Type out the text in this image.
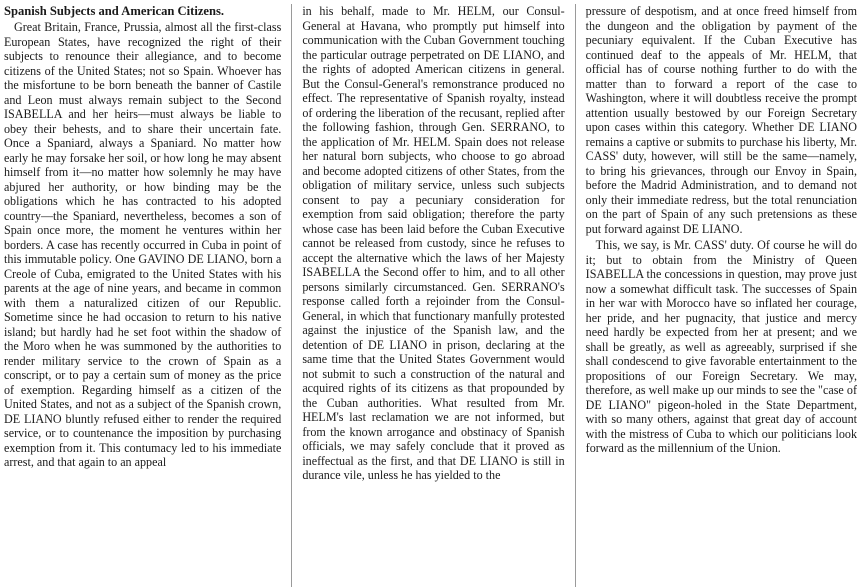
Spanish Subjects and American Citizens.

Great Britain, France, Prussia, almost all the first-class European States, have recognized the right of their subjects to renounce their allegiance, and to become citizens of the United States; not so Spain. Whoever has the misfortune to be born beneath the banner of Castile and Leon must always remain subject to the Second ISABELLA and her heirs—must always be liable to obey their behests, and to share their uncertain fate. Once a Spaniard, always a Spaniard. No matter how early he may forsake her soil, or how long he may absent himself from it—no matter how solemnly he may have abjured her authority, or how binding may be the obligations which he has contracted to his adopted country—the Spaniard, nevertheless, becomes a son of Spain once more, the moment he ventures within her borders. A case has recently occurred in Cuba in point of this immutable policy. One GAVINO DE LIANO, born a Creole of Cuba, emigrated to the United States with his parents at the age of nine years, and became in common with them a naturalized citizen of our Republic. Sometime since he had occasion to return to his native island; but hardly had he set foot within the shadow of the Moro when he was summoned by the authorities to render military service to the crown of Spain as a conscript, or to pay a certain sum of money as the price of exemption. Regarding himself as a citizen of the United States, and not as a subject of the Spanish crown, DE LIANO bluntly refused either to render the required service, or to countenance the imposition by purchasing exemption from it. This contumacy led to his immediate arrest, and that again to an appeal

in his behalf, made to Mr. HELM, our Consul-General at Havana, who promptly put himself into communication with the Cuban Government touching the particular outrage perpetrated on DE LIANO, and the rights of adopted American citizens in general. But the Consul-General's remonstrance produced no effect. The representative of Spanish royalty, instead of ordering the liberation of the recusant, replied after the following fashion, through Gen. SERRANO, to the application of Mr. HELM. Spain does not release her natural born subjects, who choose to go abroad and become adopted citizens of other States, from the obligation of military service, unless such subjects consent to pay a pecuniary consideration for exemption from said obligation; therefore the party whose case has been laid before the Cuban Executive cannot be released from custody, since he refuses to accept the alternative which the laws of her Majesty ISABELLA the Second offer to him, and to all other persons similarly circumstanced. Gen. SERRANO's response called forth a rejoinder from the Consul-General, in which that functionary manfully protested against the injustice of the Spanish law, and the detention of DE LIANO in prison, declaring at the same time that the United States Government would not submit to such a construction of the natural and acquired rights of its citizens as that propounded by the Cuban authorities. What resulted from Mr. HELM's last reclamation we are not informed, but from the known arrogance and obstinacy of Spanish officials, we may safely conclude that it proved as ineffectual as the first, and that DE LIANO is still in durance vile, unless he has yielded to the

pressure of despotism, and at once freed himself from the dungeon and the obligation by payment of the pecuniary equivalent. If the Cuban Executive has continued deaf to the appeals of Mr. HELM, that official has of course nothing further to do with the matter than to forward a report of the case to Washington, where it will doubtless receive the prompt attention usually bestowed by our Foreign Secretary upon cases within this category. Whether DE LIANO remains a captive or submits to purchase his liberty, Mr. CASS' duty, however, will still be the same—namely, to bring his grievances, through our Envoy in Spain, before the Madrid Administration, and to demand not only their immediate redress, but the total renunciation on the part of Spain of any such pretensions as these put forward against DE LIANO.

This, we say, is Mr. CASS' duty. Of course he will do it; but to obtain from the Ministry of Queen ISABELLA the concessions in question, may prove just now a somewhat difficult task. The successes of Spain in her war with Morocco have so inflated her courage, her pride, and her pugnacity, that justice and mercy need hardly be expected from her at present; and we shall be greatly, as well as agreeably, surprised if she shall condescend to give favorable entertainment to the propositions of our Foreign Secretary. We may, therefore, as well make up our minds to see the "case of DE LIANO" pigeon-holed in the State Department, with so many others, against that great day of account with the mistress of Cuba to which our politicians look forward as the millennium of the Union.
